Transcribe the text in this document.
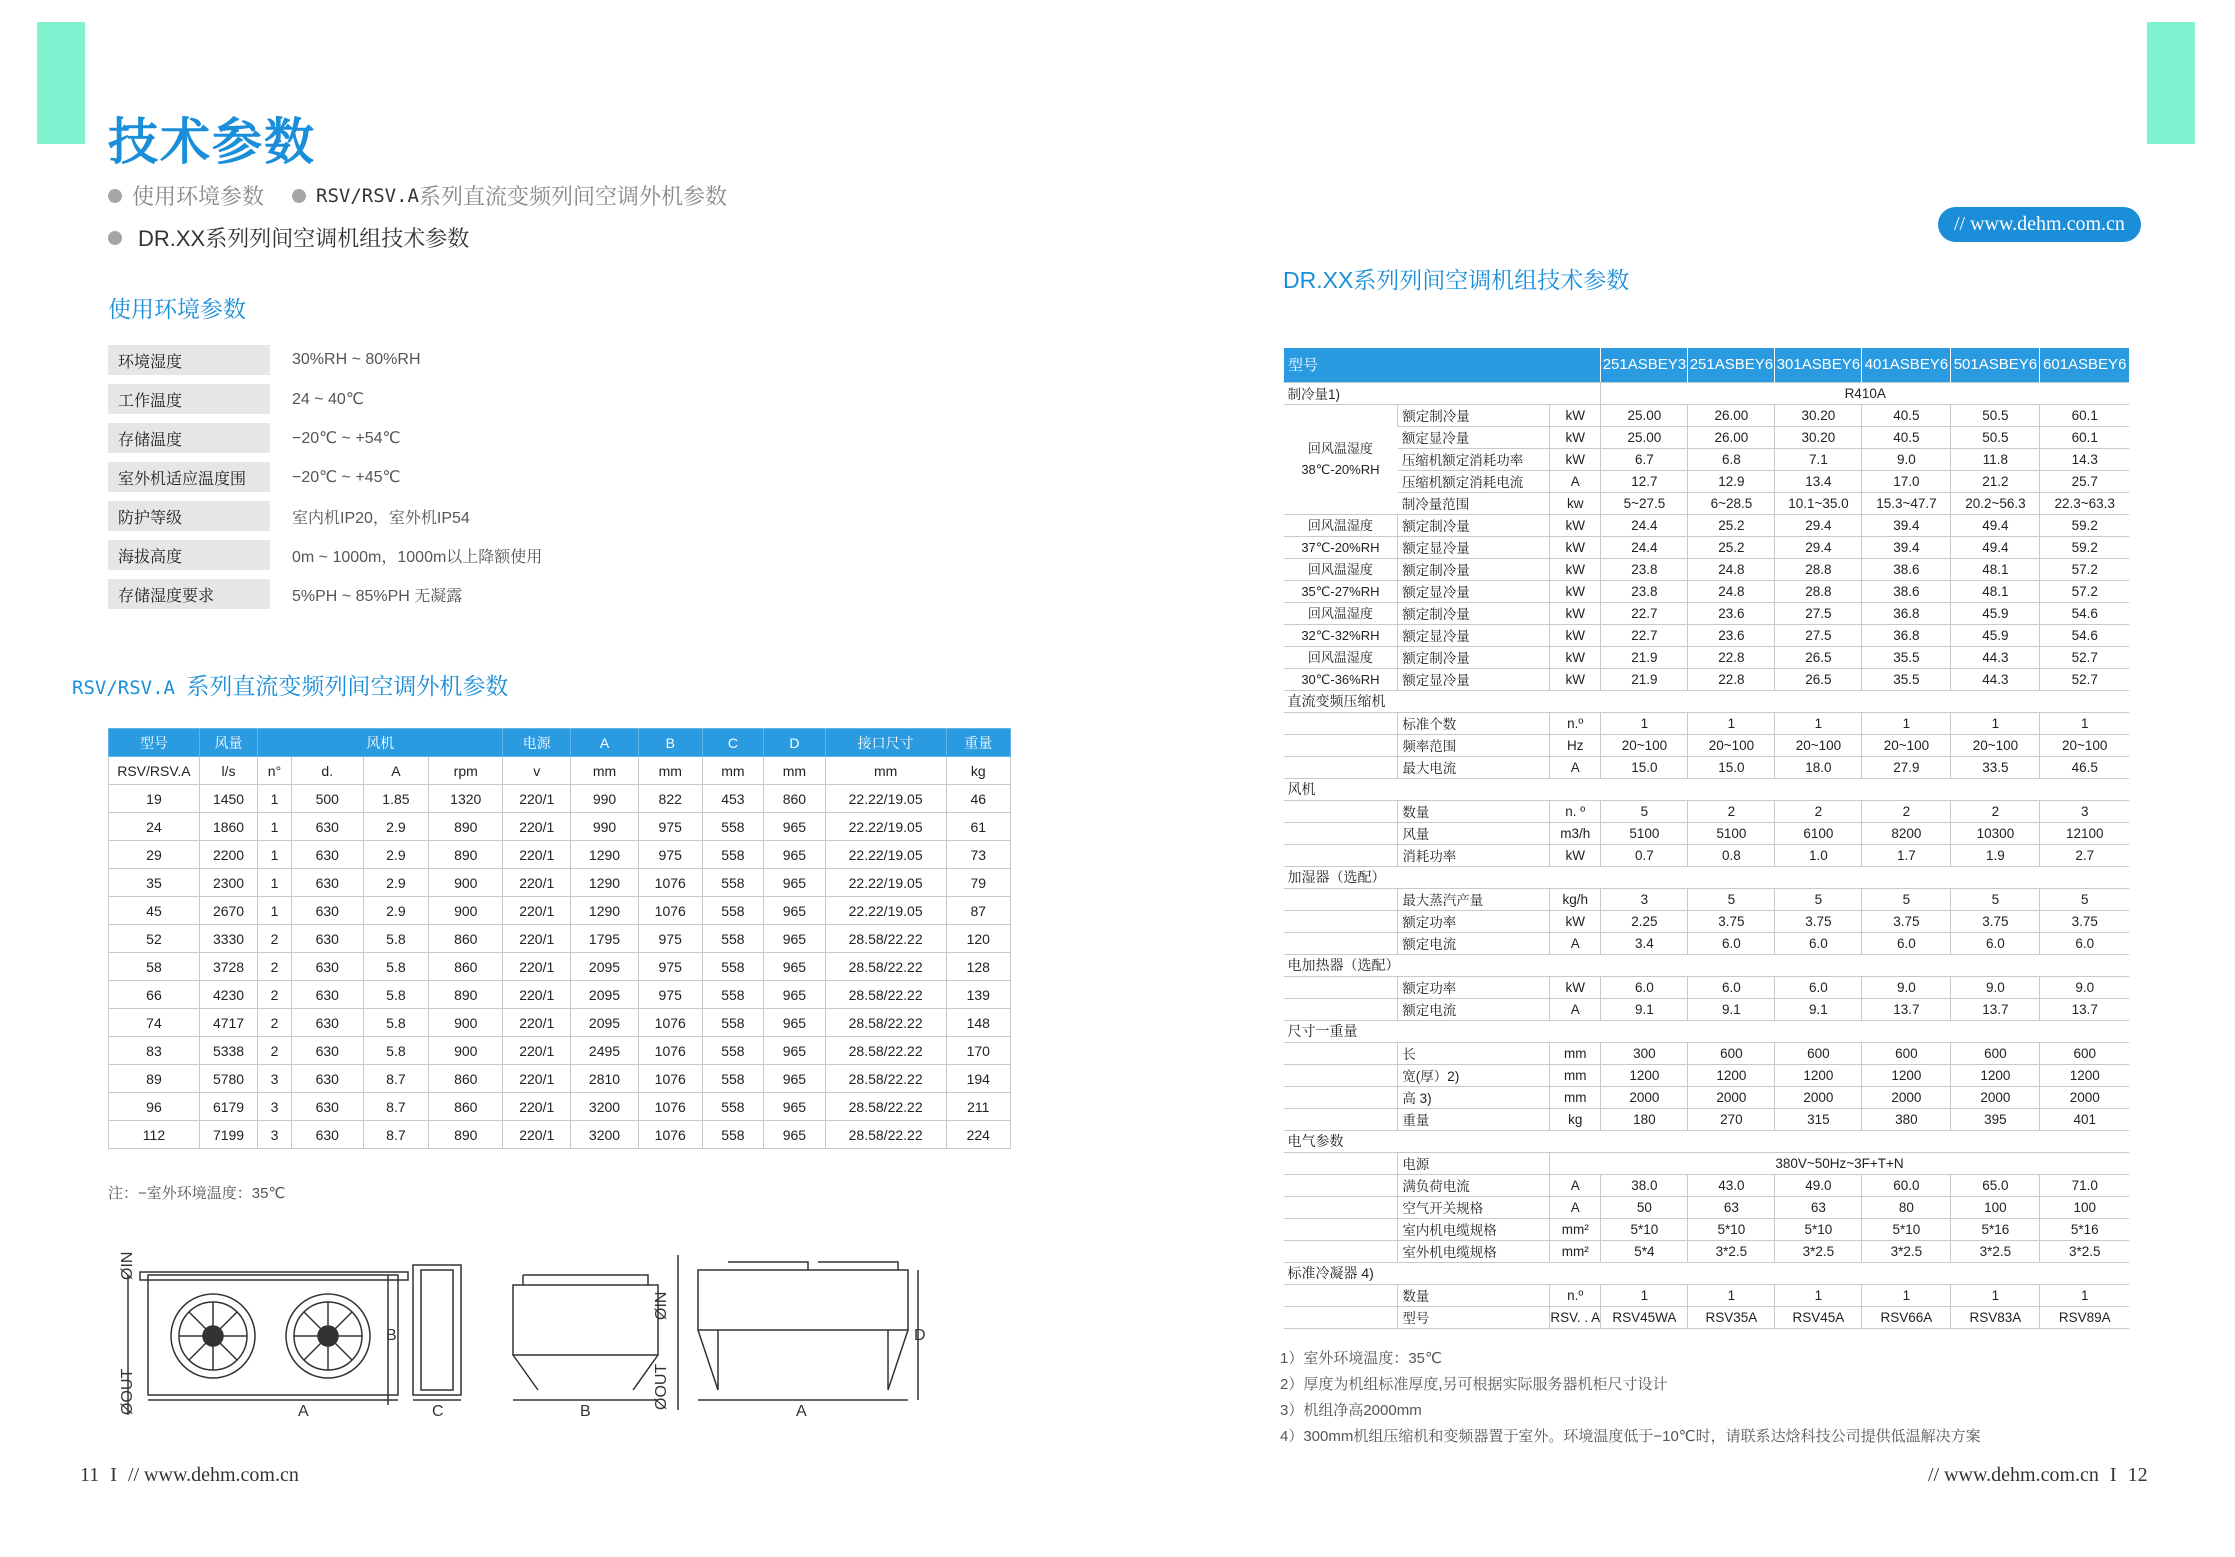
技术参数
使用环境参数	RSV/RSV.A 系列直流变频列间空调外机参数
DR.XX系列列间空调机组技术参数
使用环境参数
环境湿度	30%RH ~ 80%RH
工作温度	24 ~ 40℃
存储温度	−20℃ ~ +54℃
室外机适应温度围	−20℃ ~ +45℃
防护等级	室内机IP20，室外机IP54
海拔高度	0m ~ 1000m，1000m以上降额使用
存储湿度要求	5%PH ~ 85%PH 无凝露
RSV/RSV.A 系列直流变频列间空调外机参数
型号	风量	风机				电源	A	B	C	D	接口尺寸	重量
RSV/RSV.A	l/s	n°	d.	A	rpm	v	mm	mm	mm	mm	mm	kg
19	1450	1	500	1.85	1320	220/1	990	822	453	860	22.22/19.05	46
24	1860	1	630	2.9	890	220/1	990	975	558	965	22.22/19.05	61
29	2200	1	630	2.9	890	220/1	1290	975	558	965	22.22/19.05	73
35	2300	1	630	2.9	900	220/1	1290	1076	558	965	22.22/19.05	79
45	2670	1	630	2.9	900	220/1	1290	1076	558	965	22.22/19.05	87
52	3330	2	630	5.8	860	220/1	1795	975	558	965	28.58/22.22	120
58	3728	2	630	5.8	860	220/1	2095	975	558	965	28.58/22.22	128
66	4230	2	630	5.8	890	220/1	2095	975	558	965	28.58/22.22	139
74	4717	2	630	5.8	900	220/1	2095	1076	558	965	28.58/22.22	148
83	5338	2	630	5.8	900	220/1	2495	1076	558	965	28.58/22.22	170
89	5780	3	630	8.7	860	220/1	2810	1076	558	965	28.58/22.22	194
96	6179	3	630	8.7	860	220/1	3200	1076	558	965	28.58/22.22	211
112	7199	3	630	8.7	890	220/1	3200	1076	558	965	28.58/22.22	224
注：−室外环境温度：35℃
A
B
C	B
D
A
ØIN
ØOUT
ØIN
ØOUT
11 I // www.dehm.com.cn
// www.dehm.com.cn
DR.XX系列列间空调机组技术参数
型号			251ASBEY3	251ASBEY6	301ASBEY6	401ASBEY6	501ASBEY6	601ASBEY6
制冷量1)			R410A					
回风温湿度 38℃-20%RH	额定制冷量	kW	25.00	26.00	30.20	40.5	50.5	60.1
	额定显冷量	kW	25.00	26.00	30.20	40.5	50.5	60.1
	压缩机额定消耗功率	kW	6.7	6.8	7.1	9.0	11.8	14.3
	压缩机额定消耗电流	A	12.7	12.9	13.4	17.0	21.2	25.7
	制冷量范围	kw	5~27.5	6~28.5	10.1~35.0	15.3~47.7	20.2~56.3	22.3~63.3
回风温湿度	额定制冷量	kW	24.4	25.2	29.4	39.4	49.4	59.2
37℃-20%RH	额定显冷量	kW	24.4	25.2	29.4	39.4	49.4	59.2
回风温湿度	额定制冷量	kW	23.8	24.8	28.8	38.6	48.1	57.2
35℃-27%RH	额定显冷量	kW	23.8	24.8	28.8	38.6	48.1	57.2
回风温湿度	额定制冷量	kW	22.7	23.6	27.5	36.8	45.9	54.6
32℃-32%RH	额定显冷量	kW	22.7	23.6	27.5	36.8	45.9	54.6
回风温湿度	额定制冷量	kW	21.9	22.8	26.5	35.5	44.3	52.7
30℃-36%RH	额定显冷量	kW	21.9	22.8	26.5	35.5	44.3	52.7
直流变频压缩机								
	标准个数	n.º	1	1	1	1	1	1
	频率范围	Hz	20~100	20~100	20~100	20~100	20~100	20~100
	最大电流	A	15.0	15.0	18.0	27.9	33.5	46.5
风机								
	数量	n. º	5	2	2	2	2	3
	风量	m3/h	5100	5100	6100	8200	10300	12100
	消耗功率	kW	0.7	0.8	1.0	1.7	1.9	2.7
加湿器（选配）								
	最大蒸汽产量	kg/h	3	5	5	5	5	5
	额定功率	kW	2.25	3.75	3.75	3.75	3.75	3.75
	额定电流	A	3.4	6.0	6.0	6.0	6.0	6.0
电加热器（选配）								
	额定功率	kW	6.0	6.0	6.0	9.0	9.0	9.0
	额定电流	A	9.1	9.1	9.1	13.7	13.7	13.7
尺寸一重量								
	长	mm	300	600	600	600	600	600
	宽(厚）2)	mm	1200	1200	1200	1200	1200	1200
	高 3)	mm	2000	2000	2000	2000	2000	2000
	重量	kg	180	270	315	380	395	401
电气参数								
	电源	380V~50Hz~3F+T+N						
	满负荷电流	A	38.0	43.0	49.0	60.0	65.0	71.0
	空气开关规格	A	50	63	63	80	100	100
	室内机电缆规格	mm²	5*10	5*10	5*10	5*10	5*16	5*16
	室外机电缆规格	mm²	5*4	3*2.5	3*2.5	3*2.5	3*2.5	3*2.5
标准冷凝器 4)								
	数量	n.º	1	1	1	1	1	1
	型号	RSV. . A	RSV45WA	RSV35A	RSV45A	RSV66A	RSV83A	RSV89A
1）室外环境温度：35℃
2）厚度为机组标准厚度,另可根据实际服务器机柜尺寸设计
3）机组净高2000mm
4）300mm机组压缩机和变频器置于室外。环境温度低于−10℃时，请联系达焓科技公司提供低温解决方案
// www.dehm.com.cn I 12
